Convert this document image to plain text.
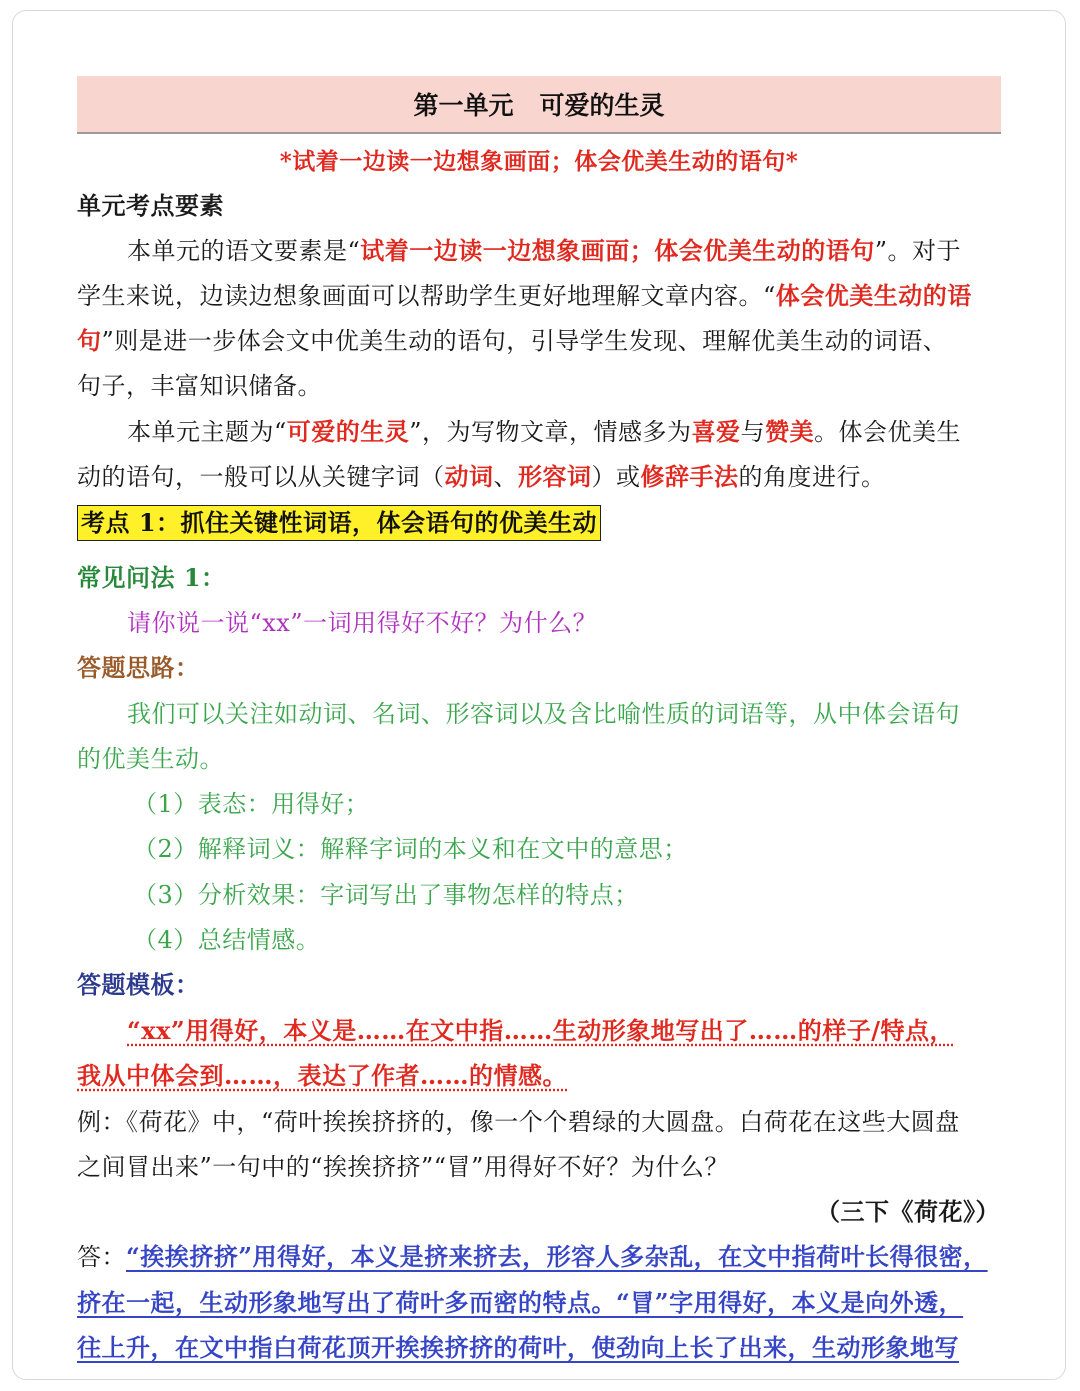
第一单元 可爱的生灵
*试着一边读一边想象画面；体会优美生动的语句*
单元考点要素
本单元的语文要素是“试着一边读一边想象画面；体会优美生动的语句”。对于
学生来说，边读边想象画面可以帮助学生更好地理解文章内容。“体会优美生动的语
句”则是进一步体会文中优美生动的语句，引导学生发现、理解优美生动的词语、
句子，丰富知识储备。
本单元主题为“可爱的生灵”，为写物文章，情感多为喜爱与赞美。体会优美生
动的语句，一般可以从关键字词（动词、形容词）或修辞手法的角度进行。
考点 1：抓住关键性词语，体会语句的优美生动
常见问法 1：
请你说一说“xx”一词用得好不好？为什么？
答题思路：
我们可以关注如动词、名词、形容词以及含比喻性质的词语等，从中体会语句
的优美生动。
（1）表态：用得好；
（2）解释词义：解释字词的本义和在文中的意思；
（3）分析效果：字词写出了事物怎样的特点；
（4）总结情感。
答题模板：
“xx”用得好，本义是……在文中指……生动形象地写出了……的样子/特点，
我从中体会到……，表达了作者……的情感。
例：《荷花》中，“荷叶挨挨挤挤的，像一个个碧绿的大圆盘。白荷花在这些大圆盘
之间冒出来”一句中的“挨挨挤挤”“冒”用得好不好？为什么？
（三下《荷花》）
答：“挨挨挤挤”用得好，本义是挤来挤去，形容人多杂乱，在文中指荷叶长得很密，
挤在一起，生动形象地写出了荷叶多而密的特点。“冒”字用得好，本义是向外透，
往上升，在文中指白荷花顶开挨挨挤挤的荷叶，使劲向上长了出来，生动形象地写
